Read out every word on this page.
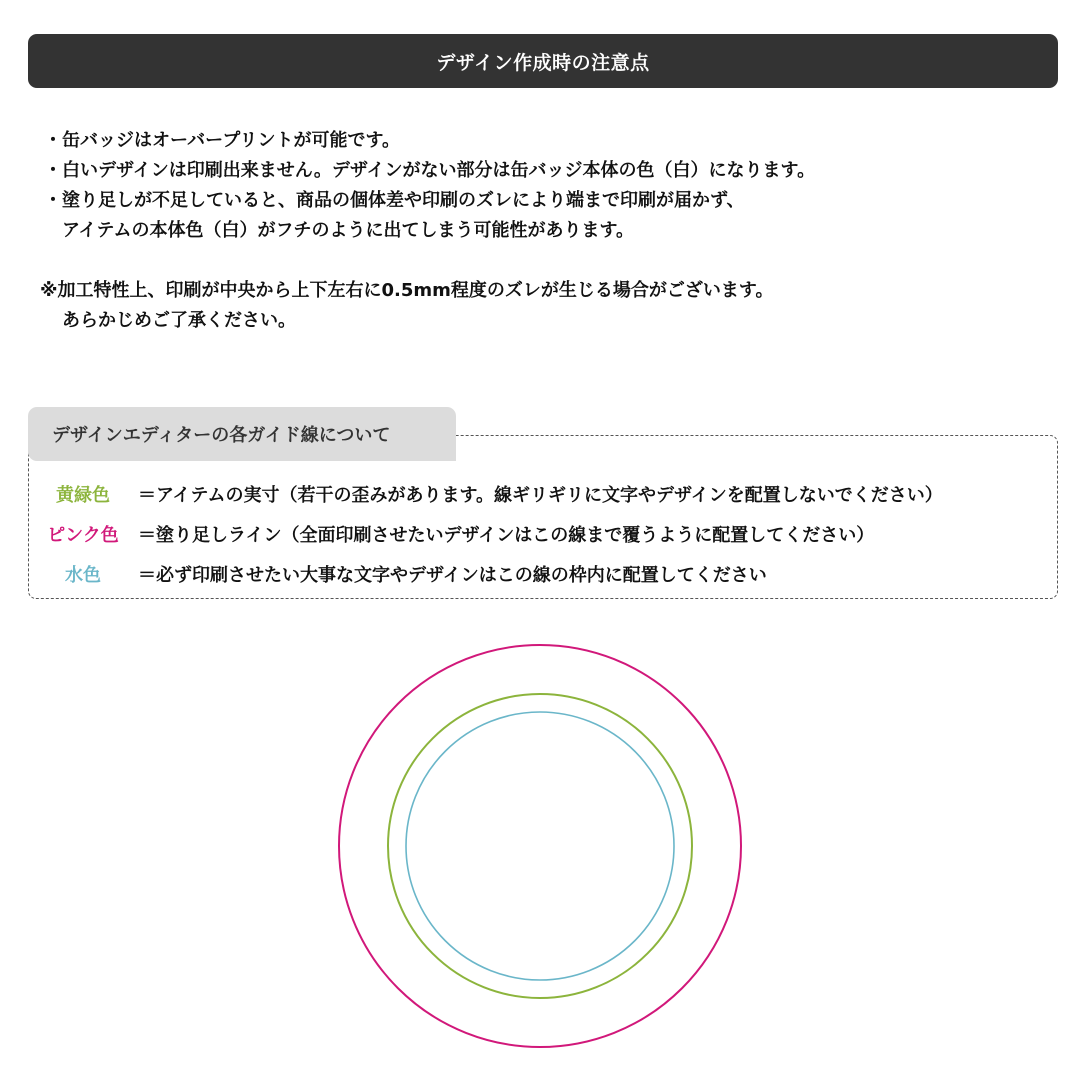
デザイン作成時の注意点
・缶バッジはオーバープリントが可能です。
・白いデザインは印刷出来ません。デザインがない部分は缶バッジ本体の色（白）になります。
・塗り足しが不足していると、商品の個体差や印刷のズレにより端まで印刷が届かず、
アイテムの本体色（白）がフチのように出てしまう可能性があります。
※加工特性上、印刷が中央から上下左右に0.5mm程度のズレが生じる場合がございます。
あらかじめご了承ください。
デザインエディターの各ガイド線について
黄緑色	＝アイテムの実寸（若干の歪みがあります。線ギリギリに文字やデザインを配置しないでください）
ピンク色	＝塗り足しライン（全面印刷させたいデザインはこの線まで覆うように配置してください）
水色	＝必ず印刷させたい大事な文字やデザインはこの線の枠内に配置してください
